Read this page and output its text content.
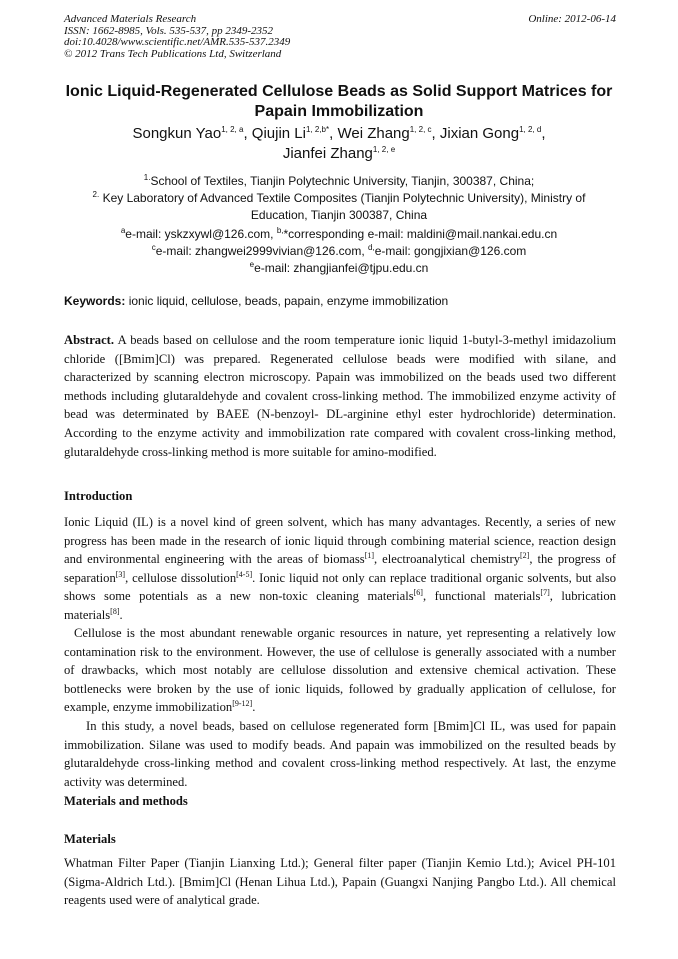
Advanced Materials Research
ISSN: 1662-8985, Vols. 535-537, pp 2349-2352
doi:10.4028/www.scientific.net/AMR.535-537.2349
© 2012 Trans Tech Publications Ltd, Switzerland
Online: 2012-06-14
Ionic Liquid-Regenerated Cellulose Beads as Solid Support Matrices for
Papain Immobilization
Songkun Yao$^{1, 2, a}$, Qiujin $Li^{1, 2,b*}$, Wei Zhang$^{1, 2, c}$, Jixian Gong$^{1, 2, d}$,
Jianfei Zhang$^{1, 2, e}$
$^{1.}$School of Textiles, Tianjin Polytechnic University, Tianjin, 300387, China;
$^{2.}$ Key Laboratory of Advanced Textile Composites (Tianjin Polytechnic University), Ministry of
Education, Tianjin 300387, China
$^a$e-mail: yskzxywl@126.com, $^{b,}$*corresponding e-mail: maldini@mail.nankai.edu.cn
$^c$e-mail: zhangwei2999vivian@126.com, $^{d,}$e-mail: gongjixian@126.com
$^e$e-mail: zhangjianfei@tjpu.edu.cn
Keywords: ionic liquid, cellulose, beads, papain, enzyme immobilization
Abstract. A beads based on cellulose and the room temperature ionic liquid 1-butyl-3-methyl imidazolium chloride ([Bmim]Cl) was prepared. Regenerated cellulose beads were modified with silane, and characterized by scanning electron microscopy. Papain was immobilized on the beads used two different methods including glutaraldehyde and covalent cross-linking method. The immobilized enzyme activity of bead was determinated by BAEE (N-benzoyl- DL-arginine ethyl ester hydrochloride) determination. According to the enzyme activity and immobilization rate compared with covalent cross-linking method, glutaraldehyde cross-linking method is more suitable for amino-modified.
Introduction
Ionic Liquid (IL) is a novel kind of green solvent, which has many advantages. Recently, a series of new progress has been made in the research of ionic liquid through combining material science, reaction design and environmental engineering with the areas of biomass[1], electroanalytical chemistry[2], the progress of separation[3], cellulose dissolution[4-5]. Ionic liquid not only can replace traditional organic solvents, but also shows some potentials as a new non-toxic cleaning materials[6], functional materials[7], lubrication materials[8].
Cellulose is the most abundant renewable organic resources in nature, yet representing a relatively low contamination risk to the environment. However, the use of cellulose is generally associated with a number of drawbacks, which most notably are cellulose dissolution and extensive chemical activation. These bottlenecks were broken by the use of ionic liquids, followed by gradually application of cellulose, for example, enzyme immobilization[9-12].
In this study, a novel beads, based on cellulose regenerated form [Bmim]Cl IL, was used for papain immobilization. Silane was used to modify beads. And papain was immobilized on the resulted beads by glutaraldehyde cross-linking method and covalent cross-linking method respectively. At last, the enzyme activity was determined.
Materials and methods
Materials
Whatman Filter Paper (Tianjin Lianxing Ltd.); General filter paper (Tianjin Kemio Ltd.); Avicel PH-101 (Sigma-Aldrich Ltd.). [Bmim]Cl (Henan Lihua Ltd.), Papain (Guangxi Nanjing Pangbo Ltd.). All chemical reagents used were of analytical grade.
